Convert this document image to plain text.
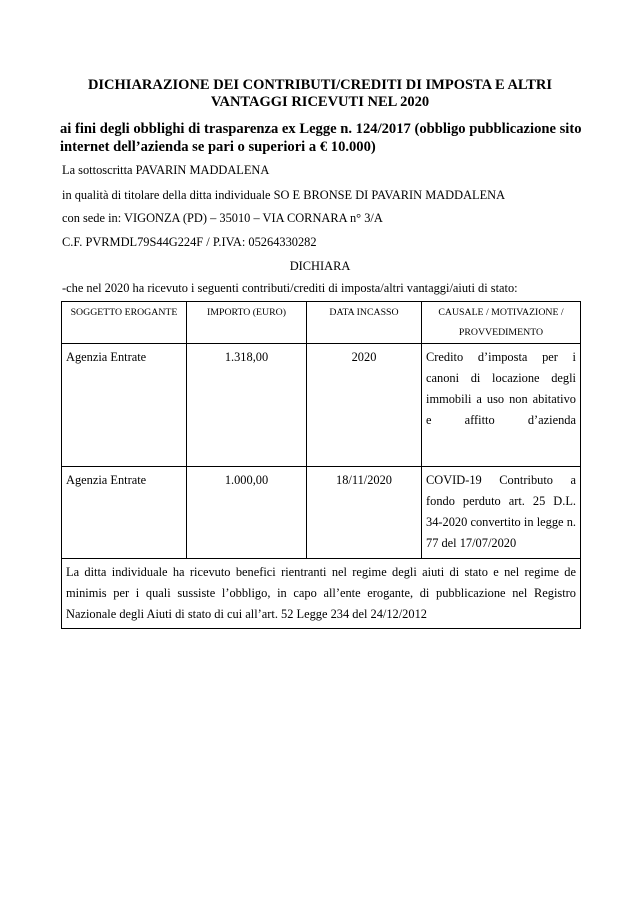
DICHIARAZIONE DEI CONTRIBUTI/CREDITI DI IMPOSTA E ALTRI VANTAGGI RICEVUTI NEL 2020
ai fini degli obblighi di trasparenza ex Legge n. 124/2017 (obbligo pubblicazione sito internet dell’azienda se pari o superiori a € 10.000)
La sottoscritta PAVARIN MADDALENA
in qualità di titolare della ditta individuale SO E BRONSE DI PAVARIN MADDALENA
con sede in: VIGONZA (PD) – 35010 – VIA CORNARA n° 3/A
C.F. PVRMDL79S44G224F / P.IVA: 05264330282
DICHIARA
-che nel 2020 ha ricevuto i seguenti contributi/crediti di imposta/altri vantaggi/aiuti di stato:
SOGGETTO EROGANTE	IMPORTO (EURO)	DATA INCASSO	CAUSALE / MOTIVAZIONE / PROVVEDIMENTO
Agenzia Entrate	1.318,00	2020	Credito d’imposta per i canoni di locazione degli immobili a uso non abitativo e affitto d’azienda
Agenzia Entrate	1.000,00	18/11/2020	COVID-19 Contributo a fondo perduto art. 25 D.L. 34-2020 convertito in legge n. 77 del 17/07/2020
La ditta individuale ha ricevuto benefici rientranti nel regime degli aiuti di stato e nel regime de minimis per i quali sussiste l’obbligo, in capo all’ente erogante, di pubblicazione nel Registro Nazionale degli Aiuti di stato di cui all’art. 52 Legge 234 del 24/12/2012			
